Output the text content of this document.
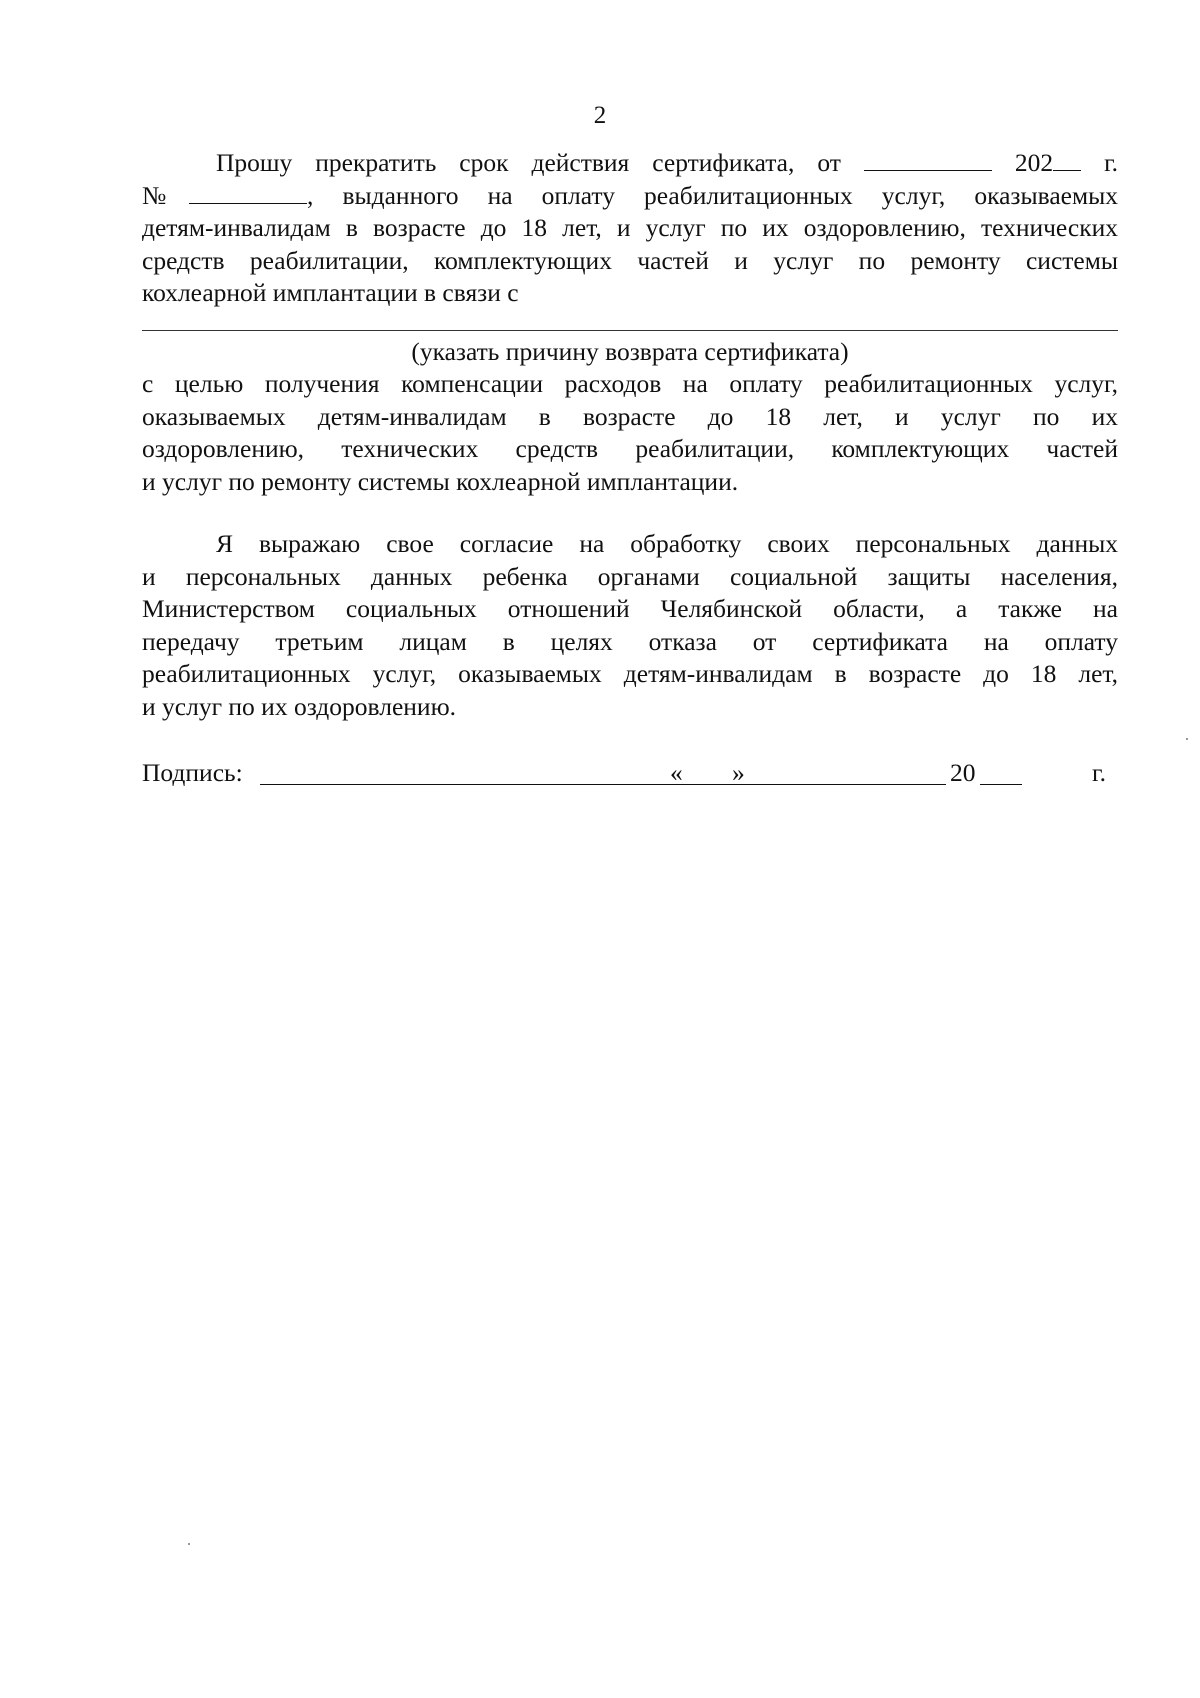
2
Прошу прекратить срок действия сертификата, от	202 г.
№	, выданного на оплату реабилитационных услуг, оказываемых
детям-инвалидам в возрасте до 18 лет, и услуг по их оздоровлению, технических
средств реабилитации, комплектующих частей и услуг по ремонту системы
кохлеарной имплантации в связи с
(указать причину возврата сертификата)
с целью получения компенсации расходов на оплату реабилитационных услуг,
оказываемых детям-инвалидам в возрасте до 18 лет, и услуг по их
оздоровлению, технических средств реабилитации, комплектующих частей
и услуг по ремонту системы кохлеарной имплантации.
Я выражаю свое согласие на обработку своих персональных данных
и персональных данных ребенка органами социальной защиты населения,
Министерством социальных отношений Челябинской области, а также на
передачу третьим лицам в целях отказа от сертификата на оплату
реабилитационных услуг, оказываемых детям-инвалидам в возрасте до 18 лет,
и услуг по их оздоровлению.
Подпись:	« »	20	г.
